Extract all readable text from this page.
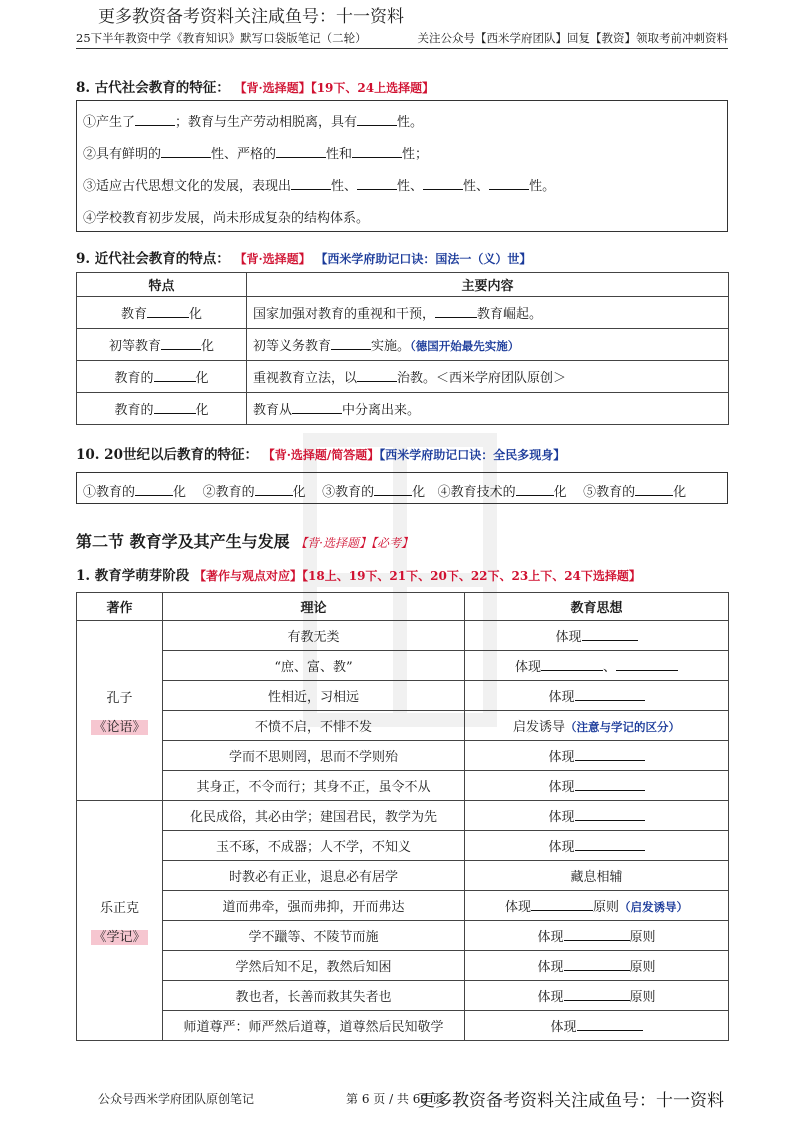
更多教资备考资料关注咸鱼号：十一资料
25下半年教资中学《教育知识》默写口袋版笔记（二轮）	关注公众号【西米学府团队】回复【教资】领取考前冲刺资料
8. 古代社会教育的特征： 【背·选择题】【19下、24上选择题】
①产生了	；教育与生产劳动相脱离，具有	性。
②具有鲜明的	性、严格的	性和	性；
③适应古代思想文化的发展，表现出	性、	性、	性、	性。
④学校教育初步发展，尚未形成复杂的结构体系。
9. 近代社会教育的特点： 【背·选择题】 【西米学府助记口诀：国法一（义）世】
特点	主要内容
教育 化	国家加强对教育的重视和干预， 教育崛起。
初等教育 化	初等义务教育 实施。（德国开始最先实施）
教育的 化	重视教育立法，以 治教。＜西米学府团队原创＞
教育的 化	教育从 中分离出来。
10. 20世纪以后教育的特征： 【背·选择题/简答题】【西米学府助记口诀：全民多现身】
①教育的	化 ②教育的	化 ③教育的	化 ④教育技术的	化 ⑤教育的	化
第二节 教育学及其产生与发展 【背·选择题】【必考】
1. 教育学萌芽阶段 【著作与观点对应】【18上、19下、21下、20下、22下、23上下、24下选择题】
著作	理论	教育思想

孔子
《论语》	有教无类	体现
	“庶、富、教”	体现 、
	性相近，习相远	体现
	不愤不启，不悱不发	启发诱导（注意与学记的区分）
	学而不思则罔，思而不学则殆	体现
	其身正，不令而行；其身不正，虽令不从	体现

乐正克
《学记》	化民成俗，其必由学；建国君民，教学为先	体现
	玉不琢，不成器；人不学，不知义	体现
	时教必有正业，退息必有居学	藏息相辅
	道而弗牵，强而弗抑，开而弗达	体现 原则（启发诱导）
	学不躐等、不陵节而施	体现 原则
	学然后知不足，教然后知困	体现 原则
	教也者，长善而救其失者也	体现 原则
	师道尊严：师严然后道尊，道尊然后民知敬学	体现
公众号西米学府团队原创笔记	第 6 页 / 共 69 页
更多教资备考资料关注咸鱼号：十一资料
